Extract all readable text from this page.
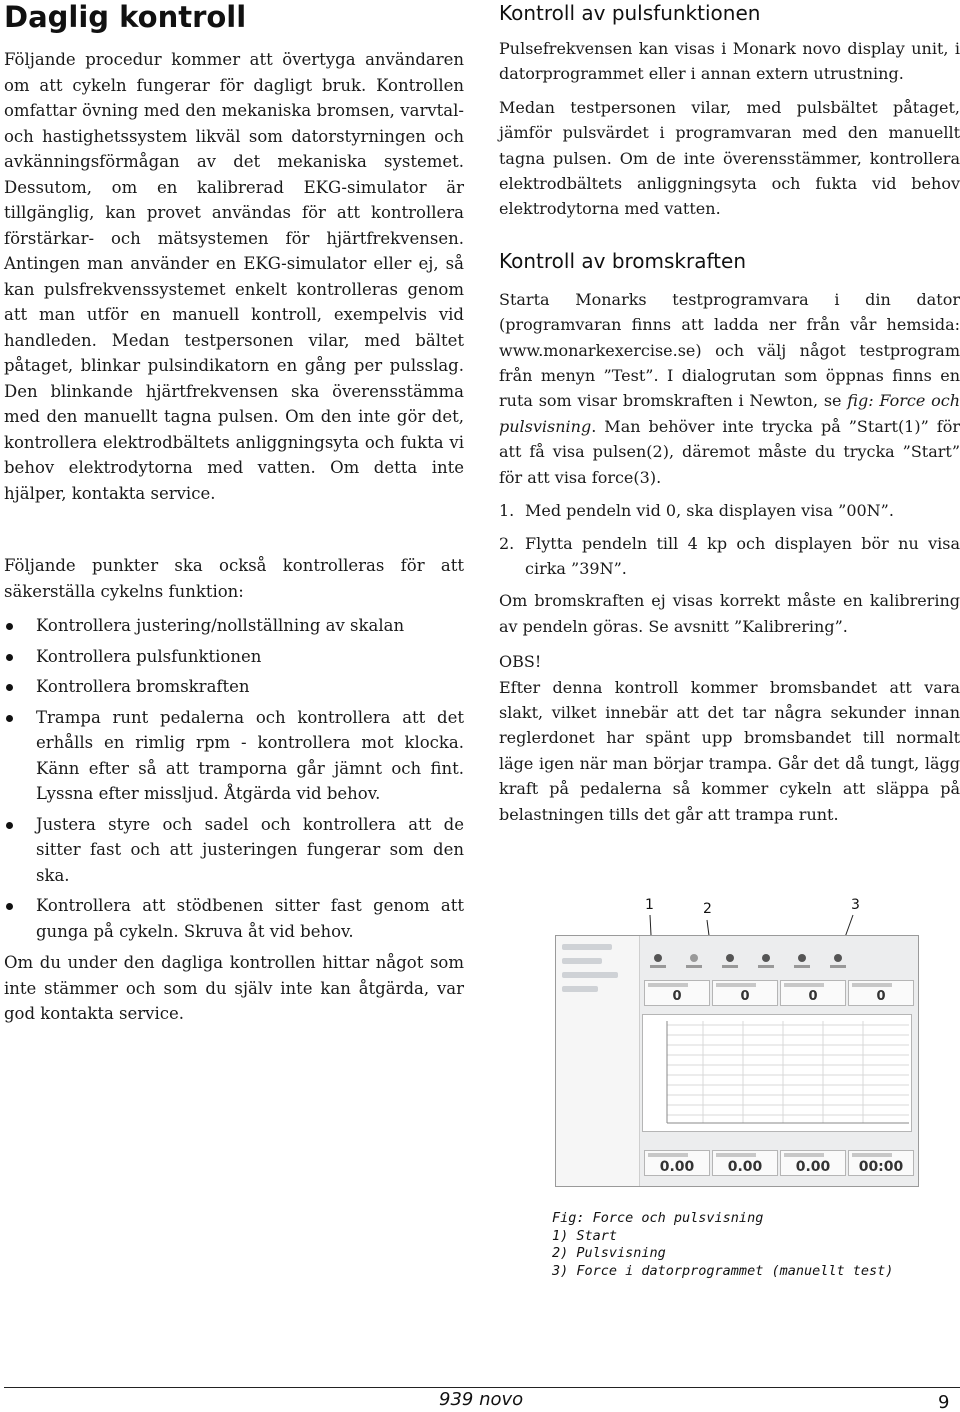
Daglig kontroll

Följande procedur kommer att övertyga användaren om att cykeln fungerar för dagligt bruk. Kontrollen omfattar övning med den mekaniska bromsen, varvtal- och hastighetssystem likväl som datorstyrningen och avkänningsförmågan av det mekaniska systemet. Dessutom, om en kalibrerad EKG-simulator är tillgänglig, kan provet användas för att kontrollera förstärkar- och mätsystemen för hjärtfrekvensen. Antingen man använder en EKG-simulator eller ej, så kan pulsfrekvenssystemet enkelt kontrolleras genom att man utför en manuell kontroll, exempelvis vid handleden. Medan testpersonen vilar, med bältet påtaget, blinkar pulsindikatorn en gång per pulsslag. Den blinkande hjärtfrekvensen ska överensstämma med den manuellt tagna pulsen. Om den inte gör det, kontrollera elektrodbältets anliggningsyta och fukta vi behov elektrodytorna med vatten. Om detta inte hjälper, kontakta service.

Följande punkter ska också kontrolleras för att säkerställa cykelns funktion:

Kontrollera justering/nollställning av skalan
Kontrollera pulsfunktionen
Kontrollera bromskraften
Trampa runt pedalerna och kontrollera att det erhålls en rimlig rpm - kontrollera mot klocka. Känn efter så att tramporna går jämnt och fint. Lyssna efter missljud. Åtgärda vid behov.
Justera styre och sadel och kontrollera att de sitter fast och att justeringen fungerar som den ska.
Kontrollera att stödbenen sitter fast genom att gunga på cykeln. Skruva åt vid behov.

Om du under den dagliga kontrollen hittar något som inte stämmer och som du själv inte kan åtgärda, var god kontakta service.

Kontroll av pulsfunktionen

Pulsefrekvensen kan visas i Monark novo display unit, i datorprogrammet eller i annan extern utrustning.

Medan testpersonen vilar, med pulsbältet påtaget, jämför pulsvärdet i programvaran med den manuellt tagna pulsen. Om de inte överensstämmer, kontrollera elektrodbältets anliggningsyta och fukta vid behov elektrodytorna med vatten.

Kontroll av bromskraften

Starta Monarks testprogramvara i din dator (programvaran finns att ladda ner från vår hemsida: www.monarkexercise.se) och välj något testprogram från menyn ”Test”. I dialogrutan som öppnas finns en ruta som visar bromskraften i Newton, se fig: Force och pulsvisning. Man behöver inte trycka på ”Start(1)” för att få visa pulsen(2), däremot måste du trycka ”Start” för att visa force(3).

1. Med pendeln vid 0, ska displayen visa ”00N”.
2. Flytta pendeln till 4 kp och displayen bör nu visa cirka ”39N”.

Om bromskraften ej visas korrekt måste en kalibrering av pendeln göras. Se avsnitt ”Kalibrering”.

OBS!

Efter denna kontroll kommer bromsbandet att vara slakt, vilket innebär att det tar några sekunder innan reglerdonet har spänt upp bromsbandet till normalt läge igen när man börjar trampa. Går det då tungt, lägg kraft på pedalerna så kommer cykeln att släppa på belastningen tills det går att trampa runt.

1	2	3
0	0	0	0
0.00	0.00	0.00	00:00
Fig: Force och pulsvisning
1) Start
2) Pulsvisning
3) Force i datorprogrammet (manuellt test)
939 novo	9
